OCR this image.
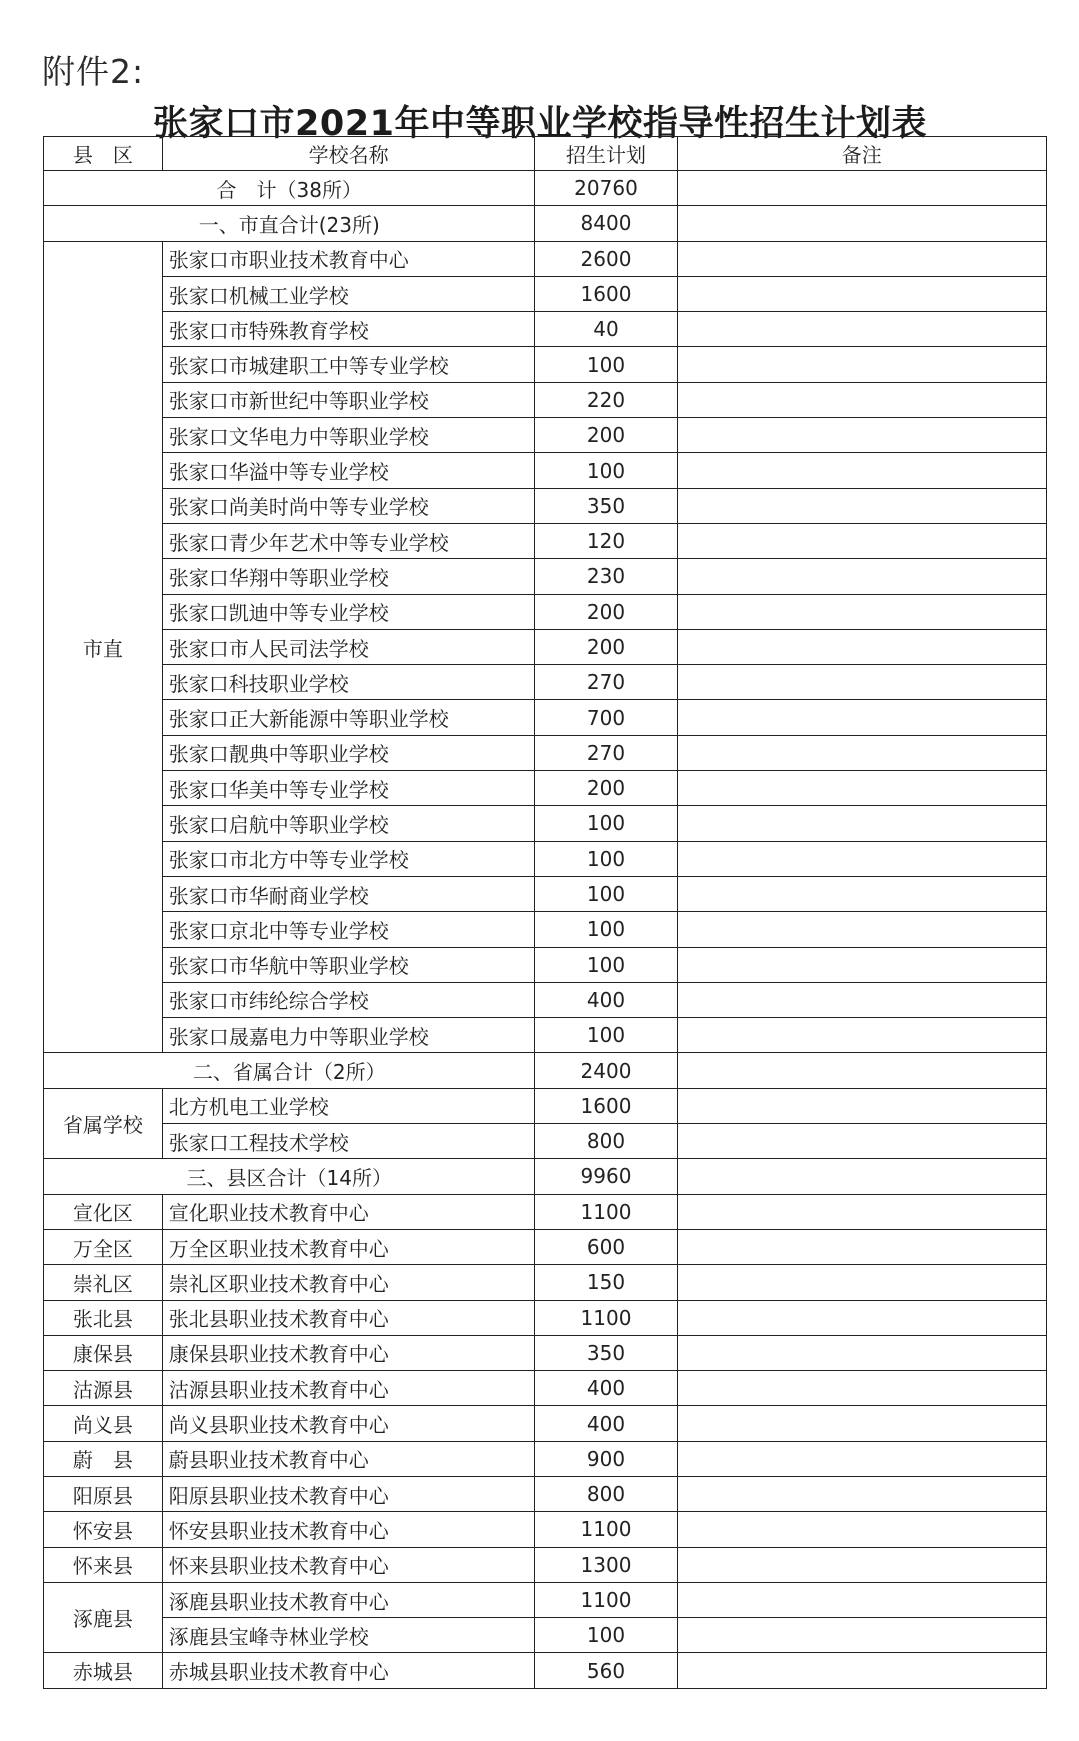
附件2:
张家口市2021年中等职业学校指导性招生计划表
县　区	学校名称	招生计划	备注
合　计（38所）		20760	
一、市直合计(23所)		8400	
市直	张家口市职业技术教育中心	2600	
	张家口机械工业学校	1600	
	张家口市特殊教育学校	40	
	张家口市城建职工中等专业学校	100	
	张家口市新世纪中等职业学校	220	
	张家口文华电力中等职业学校	200	
	张家口华溢中等专业学校	100	
	张家口尚美时尚中等专业学校	350	
	张家口青少年艺术中等专业学校	120	
	张家口华翔中等职业学校	230	
	张家口凯迪中等专业学校	200	
	张家口市人民司法学校	200	
	张家口科技职业学校	270	
	张家口正大新能源中等职业学校	700	
	张家口靓典中等职业学校	270	
	张家口华美中等专业学校	200	
	张家口启航中等职业学校	100	
	张家口市北方中等专业学校	100	
	张家口市华耐商业学校	100	
	张家口京北中等专业学校	100	
	张家口市华航中等职业学校	100	
	张家口市纬纶综合学校	400	
	张家口晟嘉电力中等职业学校	100	
二、省属合计（2所）		2400	
省属学校	北方机电工业学校	1600	
	张家口工程技术学校	800	
三、县区合计（14所）		9960	
宣化区	宣化职业技术教育中心	1100	
万全区	万全区职业技术教育中心	600	
崇礼区	崇礼区职业技术教育中心	150	
张北县	张北县职业技术教育中心	1100	
康保县	康保县职业技术教育中心	350	
沽源县	沽源县职业技术教育中心	400	
尚义县	尚义县职业技术教育中心	400	
蔚　县	蔚县职业技术教育中心	900	
阳原县	阳原县职业技术教育中心	800	
怀安县	怀安县职业技术教育中心	1100	
怀来县	怀来县职业技术教育中心	1300	
涿鹿县	涿鹿县职业技术教育中心	1100	
	涿鹿县宝峰寺林业学校	100	
赤城县	赤城县职业技术教育中心	560	
